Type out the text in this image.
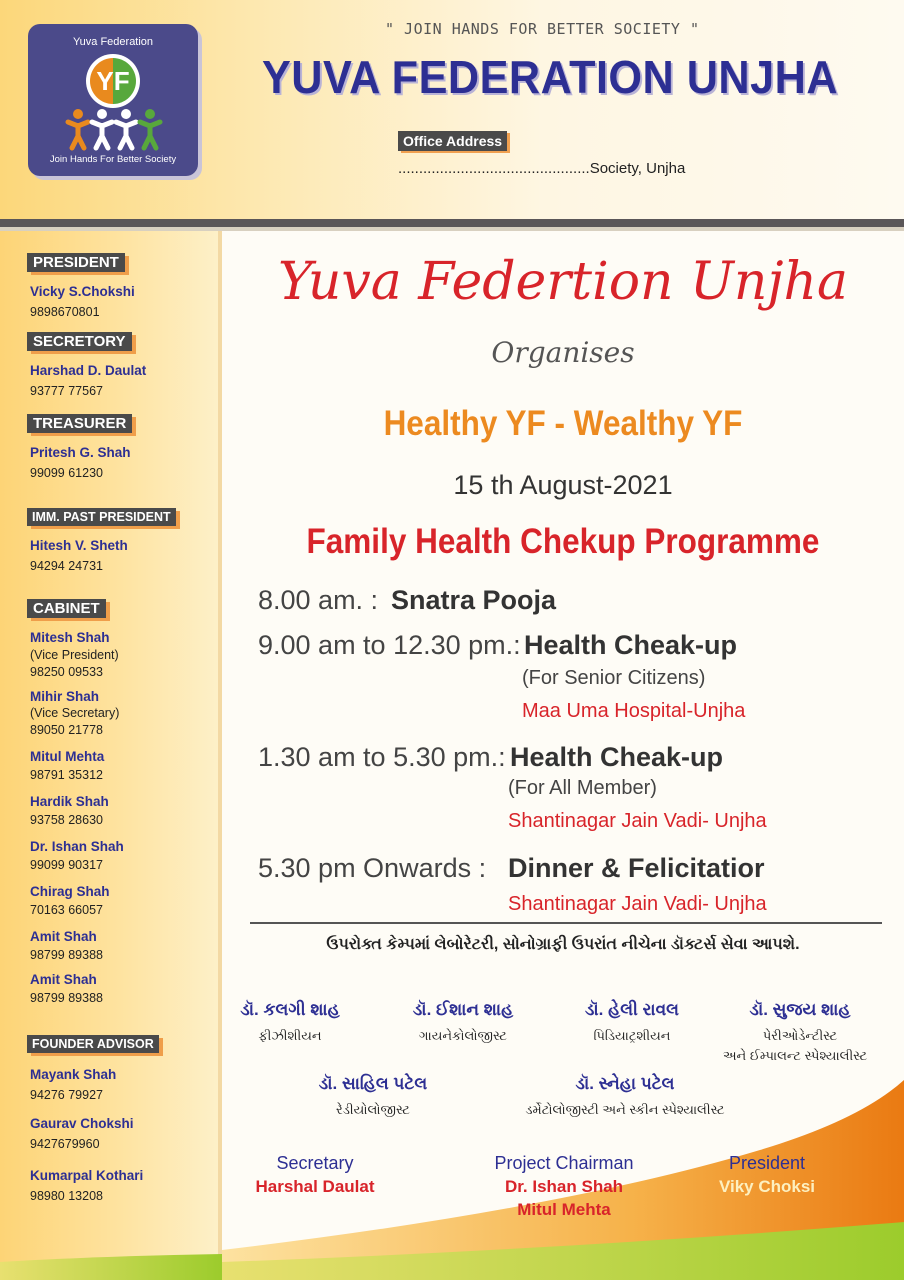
Yuva Federation
YF
Join Hands For Better Society
" JOIN HANDS FOR BETTER SOCIETY "
YUVA FEDERATION UNJHA
Office Address
..............................................Society, Unjha
PRESIDENT
Vicky S.Chokshi
9898670801
SECRETORY
Harshad D. Daulat
93777 77567
TREASURER
Pritesh G. Shah
99099 61230
IMM. PAST PRESIDENT
Hitesh V. Sheth
94294 24731
CABINET
Mitesh Shah
(Vice President)
98250 09533
Mihir Shah
(Vice Secretary)
89050 21778
Mitul Mehta
98791 35312
Hardik Shah
93758 28630
Dr. Ishan Shah
99099 90317
Chirag Shah
70163 66057
Amit Shah
98799 89388
Amit Shah
98799 89388
FOUNDER ADVISOR
Mayank Shah
94276 79927
Gaurav Chokshi
9427679960
Kumarpal Kothari
98980 13208
Yuva Federtion Unjha
Organises
Healthy YF - Wealthy YF
15 th August-2021
Family Health Chekup Programme
8.00 am. : Snatra Pooja
9.00 am to 12.30 pm.: Health Cheak-up
(For Senior Citizens)
Maa Uma Hospital-Unjha
1.30 am to 5.30 pm.: Health Cheak-up
(For All Member)
Shantinagar Jain Vadi- Unjha
5.30 pm Onwards : Dinner & Felicitatior
Shantinagar Jain Vadi- Unjha
ઉપરોક્ત કેમ્પમાં લેબોરેટરી, સોનોગ્રાફી ઉપરાંત નીચેના ડૉક્ટર્સ સેવા આપશે.
ડૉ. કલગી શાહ
ફીઝીશીયન
ડૉ. ઈશાન શાહ
ગાયનેકોલોજીસ્ટ
ડૉ. હેલી રાવલ
પિડિયાટ્રશીયન
ડૉ. સુજય શાહ
પેરીઓડેન્ટીસ્ટ
અને ઈમ્પાલન્ટ સ્પેશ્યાલીસ્ટ
ડૉ. સાહિલ પટેલ
રેડીયોલોજીસ્ટ
ડૉ. સ્નેહા પટેલ
ડર્મેટોલોજીસ્ટી અને સ્કીન સ્પેશ્યાલીસ્ટ
Secretary
Harshal Daulat
Project Chairman
Dr. Ishan Shah
Mitul Mehta
President
Viky Choksi
